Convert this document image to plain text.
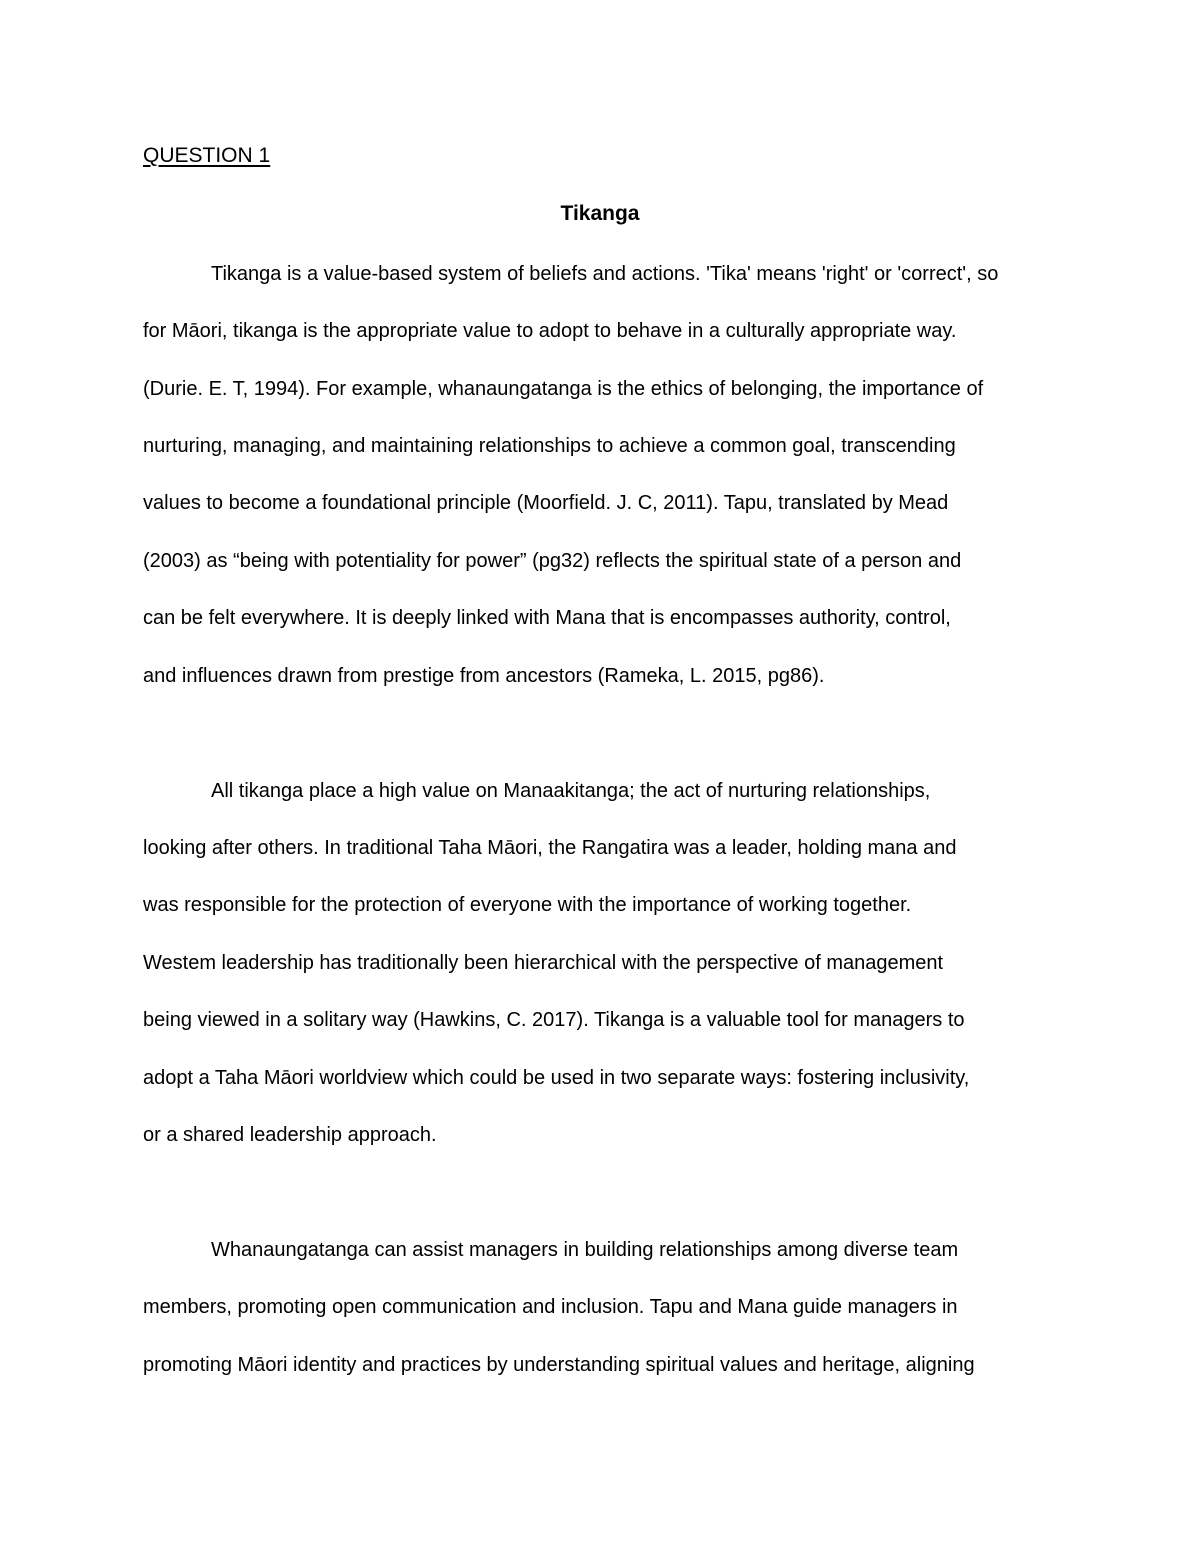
QUESTION 1
Tikanga
Tikanga is a value-based system of beliefs and actions. 'Tika' means 'right' or 'correct', so
for Māori, tikanga is the appropriate value to adopt to behave in a culturally appropriate way.
(Durie. E. T, 1994). For example, whanaungatanga is the ethics of belonging, the importance of
nurturing, managing, and maintaining relationships to achieve a common goal, transcending
values to become a foundational principle (Moorfield. J. C, 2011). Tapu, translated by Mead
(2003) as “being with potentiality for power” (pg32) reflects the spiritual state of a person and
can be felt everywhere. It is deeply linked with Mana that is encompasses authority, control,
and influences drawn from prestige from ancestors (Rameka, L. 2015, pg86).
All tikanga place a high value on Manaakitanga; the act of nurturing relationships,
looking after others. In traditional Taha Māori, the Rangatira was a leader, holding mana and
was responsible for the protection of everyone with the importance of working together.
Westem leadership has traditionally been hierarchical with the perspective of management
being viewed in a solitary way (Hawkins, C. 2017). Tikanga is a valuable tool for managers to
adopt a Taha Māori worldview which could be used in two separate ways: fostering inclusivity,
or a shared leadership approach.
Whanaungatanga can assist managers in building relationships among diverse team
members, promoting open communication and inclusion. Tapu and Mana guide managers in
promoting Māori identity and practices by understanding spiritual values and heritage, aligning
